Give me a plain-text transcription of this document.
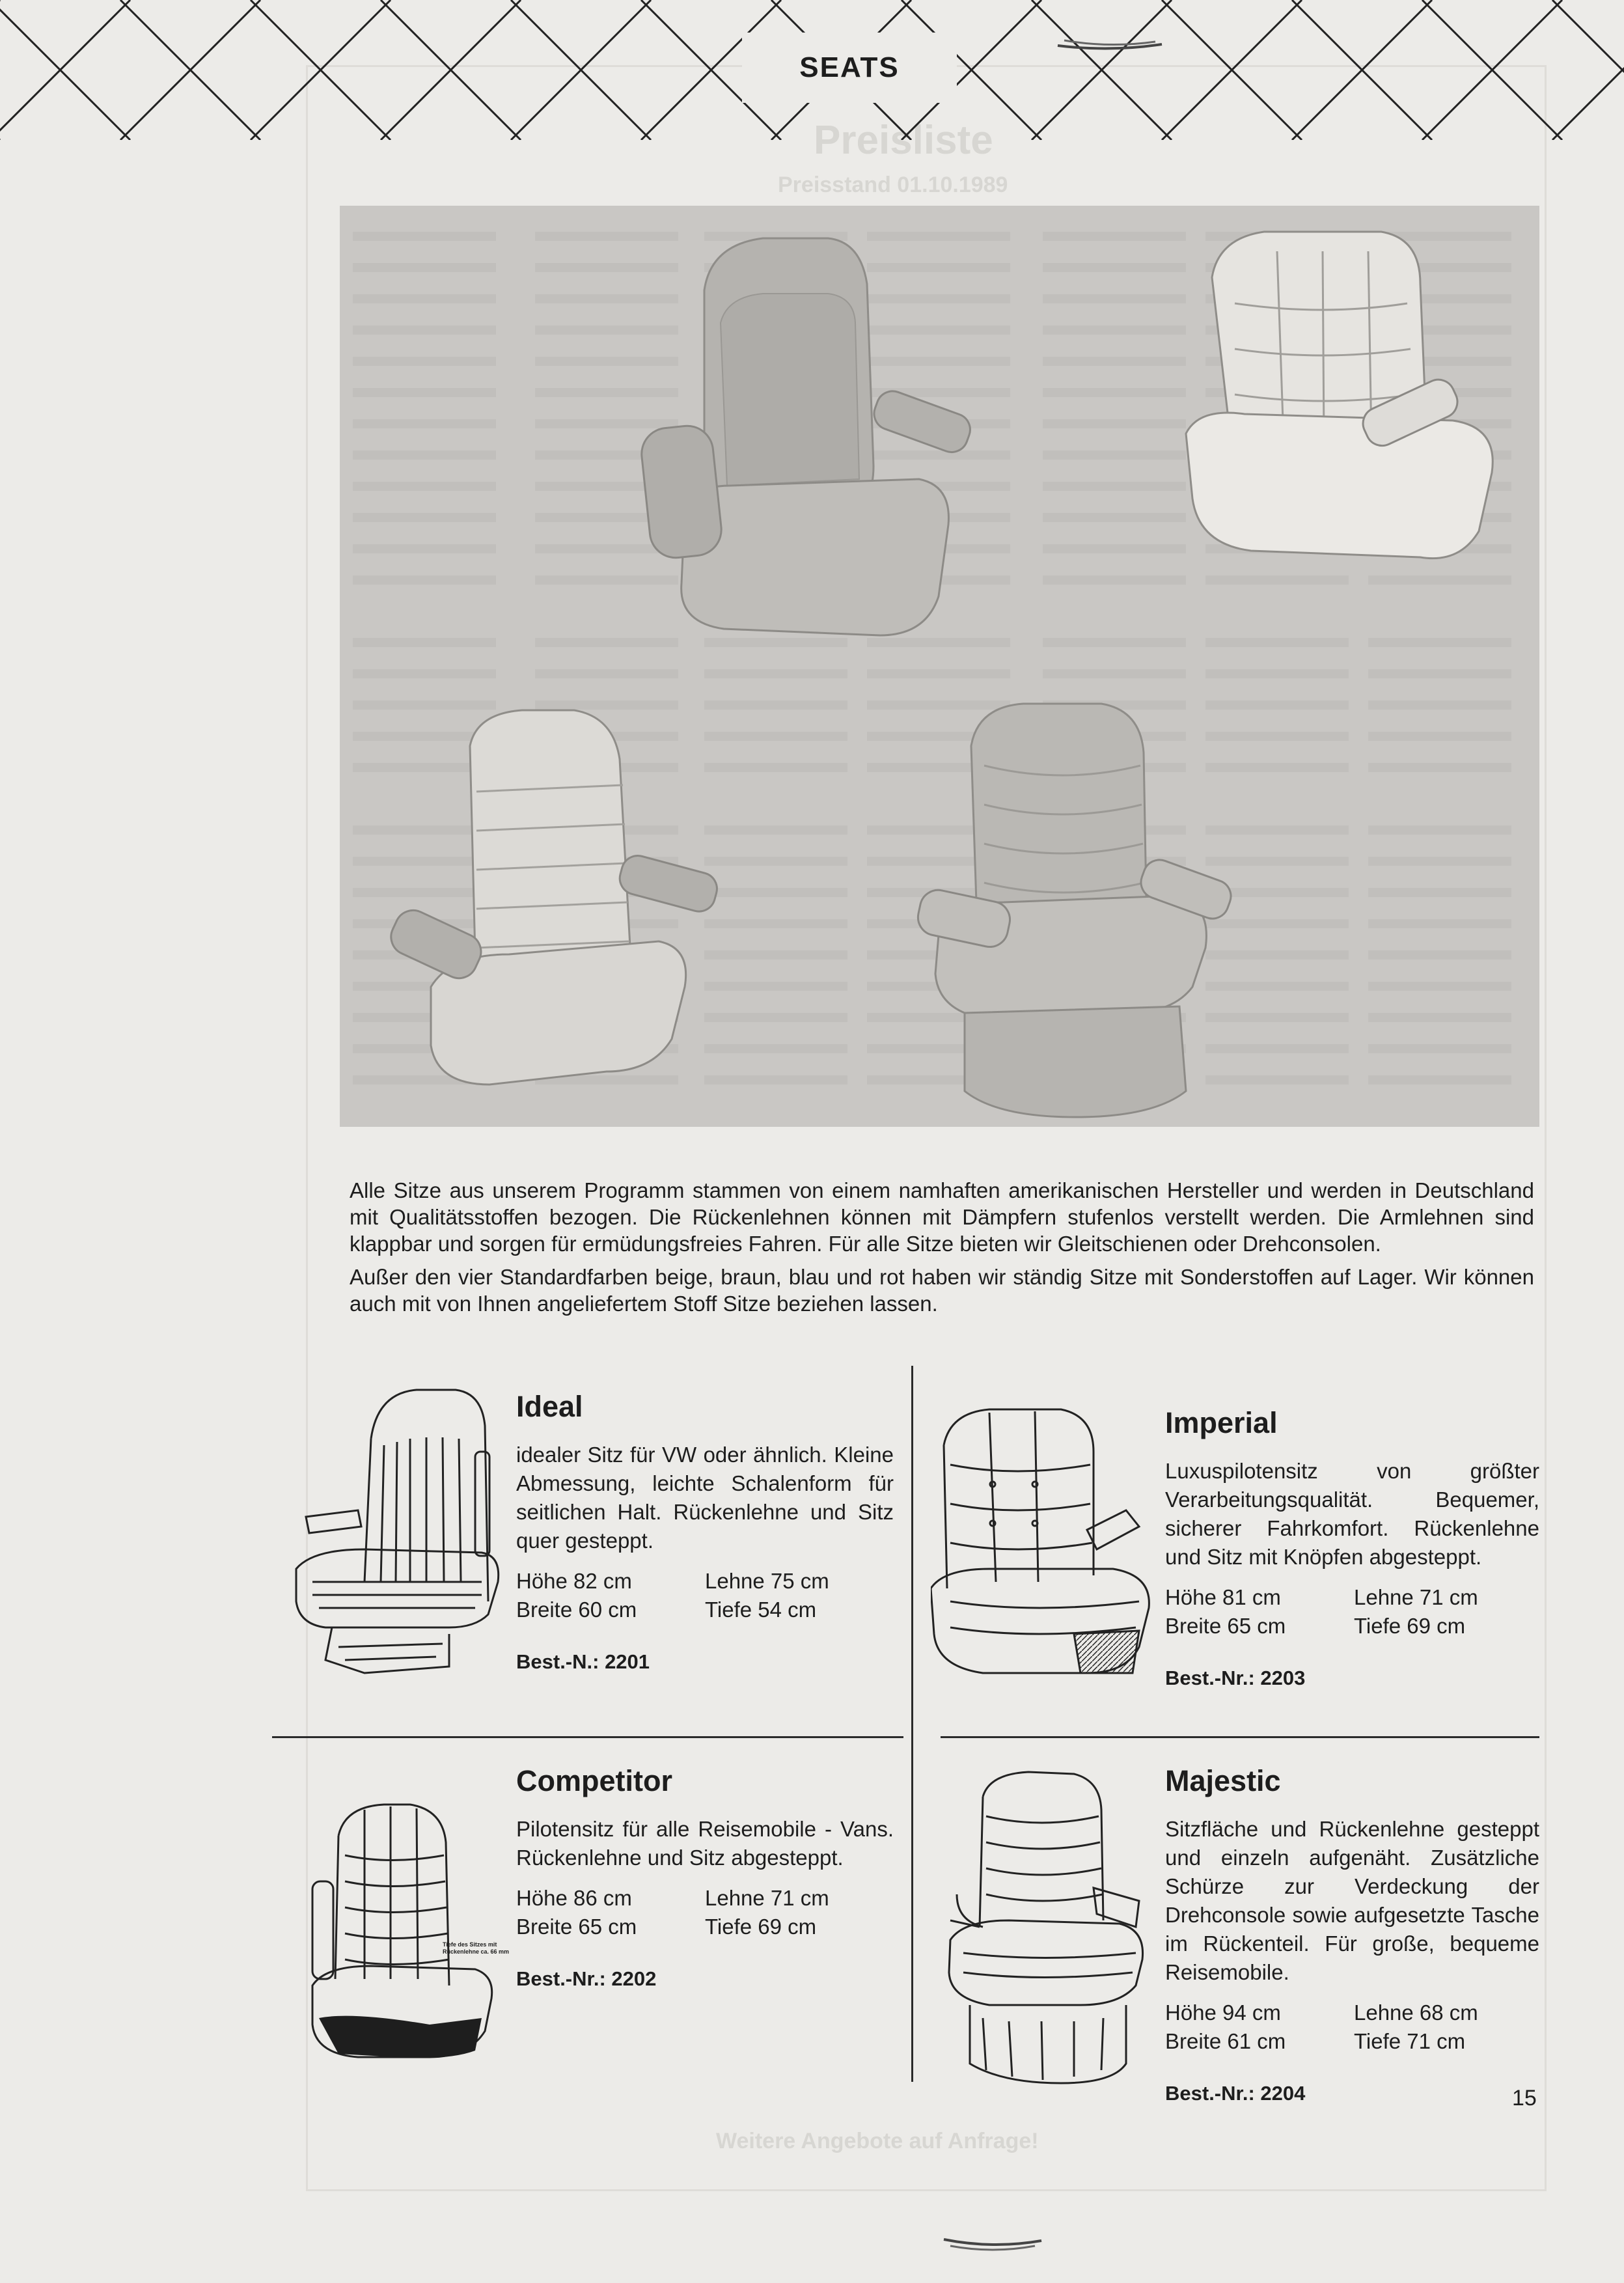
Preisliste
Preisstand 01.10.1989
SEATS

Alle Sitze aus unserem Programm stammen von einem namhaften amerikanischen Hersteller und werden in Deutschland mit Qualitätsstoffen bezogen. Die Rückenlehnen können mit Dämpfern stufenlos verstellt werden. Die Armlehnen sind klappbar und sorgen für ermüdungsfreies Fahren. Für alle Sitze bieten wir Gleitschienen oder Drehconsolen.

Außer den vier Standardfarben beige, braun, blau und rot haben wir ständig Sitze mit Sonderstoffen auf Lager. Wir können auch mit von Ihnen angeliefertem Stoff Sitze beziehen lassen.

Ideal
idealer Sitz für VW oder ähnlich. Kleine Abmessung, leichte Schalenform für seitlichen Halt. Rückenlehne und Sitz quer gesteppt.
Höhe 82 cm	Lehne 75 cm
Breite 60 cm	Tiefe 54 cm
Best.-N.: 2201
Imperial
Luxuspilotensitz von größter Verarbeitungsqualität. Bequemer, sicherer Fahrkomfort. Rückenlehne und Sitz mit Knöpfen abgesteppt.
Höhe 81 cm	Lehne 71 cm
Breite 65 cm	Tiefe 69 cm
Best.-Nr.: 2203
Tiefe des Sitzes mit Rückenlehne ca. 66 mm
Competitor
Pilotensitz für alle Reisemobile - Vans. Rückenlehne und Sitz abgesteppt.
Höhe 86 cm	Lehne 71 cm
Breite 65 cm	Tiefe 69 cm
Best.-Nr.: 2202
Majestic
Sitzfläche und Rückenlehne gesteppt und einzeln aufgenäht. Zusätzliche Schürze zur Verdeckung der Drehconsole sowie aufgesetzte Tasche im Rückenteil. Für große, bequeme Reisemobile.
Höhe 94 cm	Lehne 68 cm
Breite 61 cm	Tiefe 71 cm
Best.-Nr.: 2204
Weitere Angebote auf Anfrage!
15
